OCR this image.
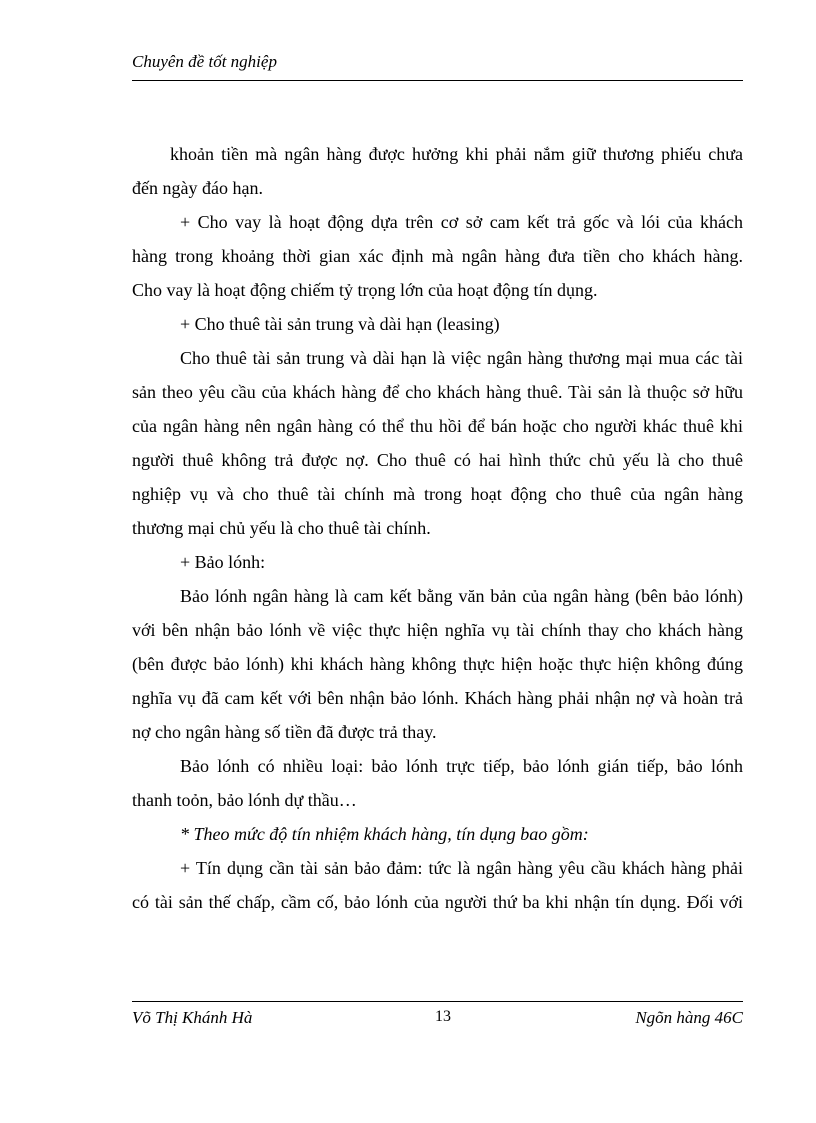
Chuyên đề tốt nghiệp
khoản tiền mà ngân hàng được hưởng khi phải nắm giữ thương phiếu chưa
đến ngày đáo hạn.
+ Cho vay là hoạt động dựa trên cơ sở cam kết trả gốc và lói của khách
hàng trong khoảng thời gian xác định mà ngân hàng đưa tiền cho khách hàng.
Cho vay là hoạt động chiếm tỷ trọng lớn của hoạt động tín dụng.
+ Cho thuê tài sản trung và dài hạn (leasing)
Cho thuê tài sản trung và dài hạn là việc ngân hàng thương mại mua các tài
sản theo yêu cầu của khách hàng để cho khách hàng thuê. Tài sản là thuộc sở hữu
của ngân hàng nên ngân hàng có thể thu hồi để bán hoặc cho người khác thuê khi
người thuê không trả được nợ. Cho thuê có hai hình thức chủ yếu là cho thuê
nghiệp vụ và cho thuê tài chính mà trong hoạt động cho thuê của ngân hàng
thương mại chủ yếu là cho thuê tài chính.
+ Bảo lónh:
Bảo lónh ngân hàng là cam kết bằng văn bản của ngân hàng (bên bảo lónh)
với bên nhận bảo lónh về việc thực hiện nghĩa vụ tài chính thay cho khách hàng
(bên được bảo lónh) khi khách hàng không thực hiện hoặc thực hiện không đúng
nghĩa vụ đã cam kết với bên nhận bảo lónh. Khách hàng phải nhận nợ và hoàn trả
nợ cho ngân hàng số tiền đã được trả thay.
Bảo lónh có nhiều loại: bảo lónh trực tiếp, bảo lónh gián tiếp, bảo lónh
thanh toỏn, bảo lónh dự thầu…
* Theo mức độ tín nhiệm khách hàng, tín dụng bao gồm:
+ Tín dụng cần tài sản bảo đảm: tức là ngân hàng yêu cầu khách hàng phải
có tài sản thế chấp, cầm cố, bảo lónh của người thứ ba khi nhận tín dụng. Đối với
Võ Thị Khánh Hà	13	Ngõn hàng 46C
